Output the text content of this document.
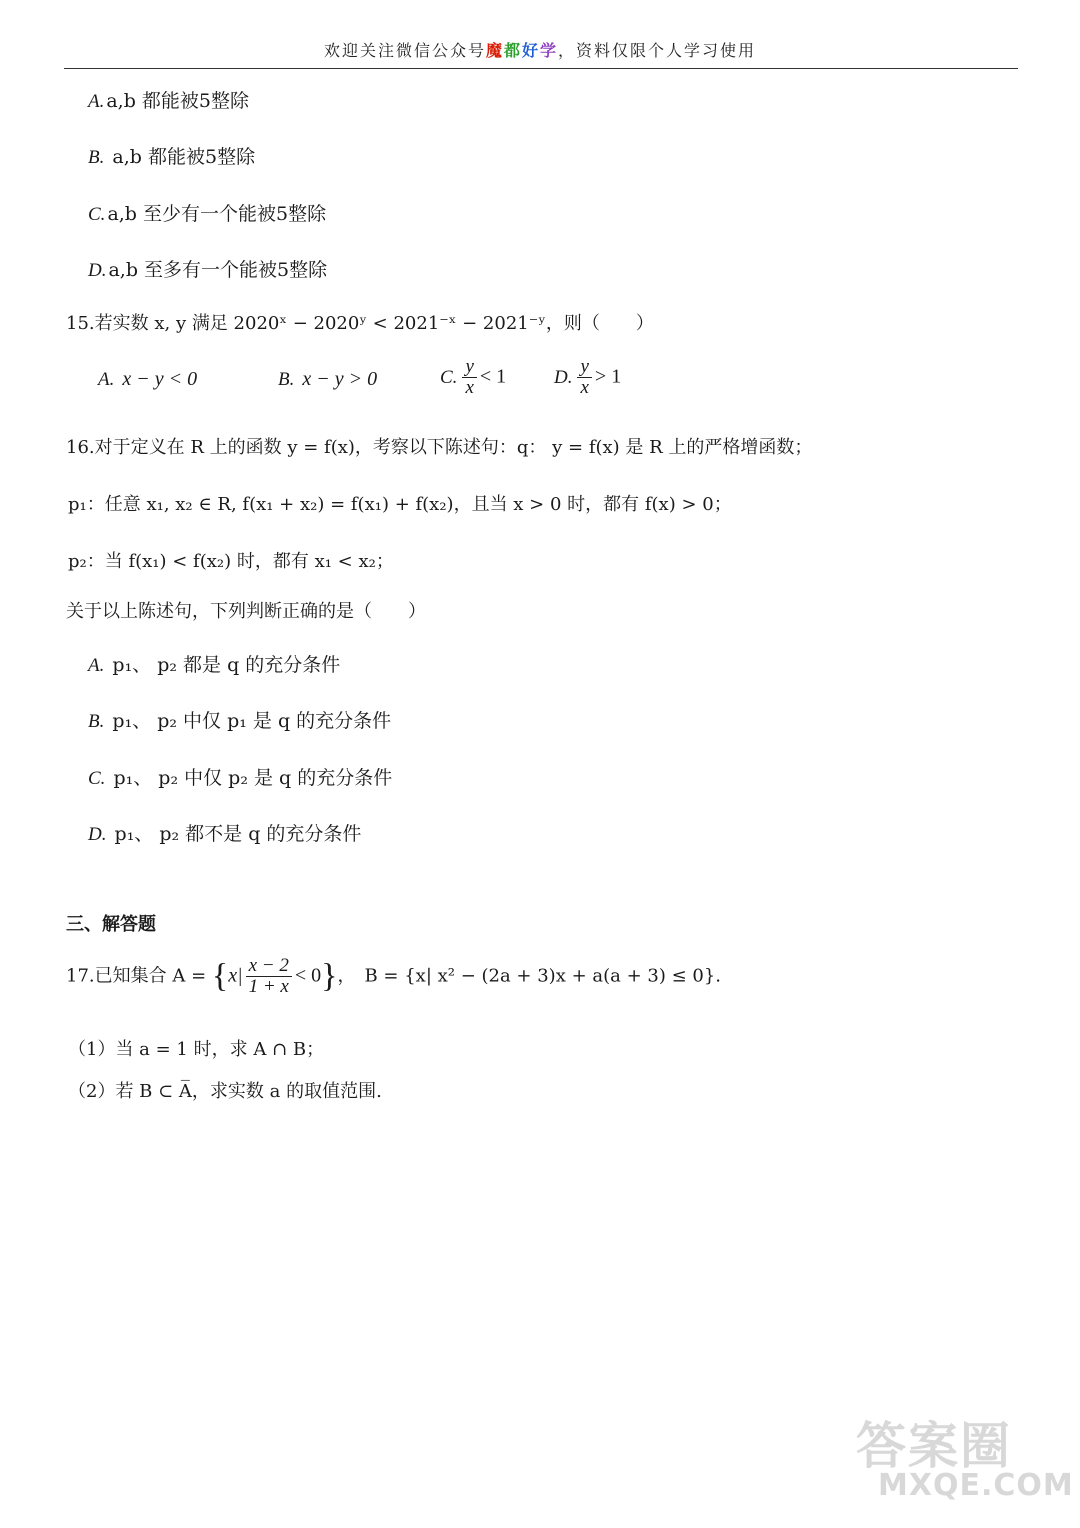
欢迎关注微信公众号魔都好学，资料仅限个人学习使用
A. a,b 都能被5整除
B. a,b 都能被5整除
C. a,b 至少有一个能被5整除
D. a,b 至多有一个能被5整除
15.若实数 x, y 满足 2020ˣ − 2020ʸ < 2021⁻ˣ − 2021⁻ʸ，则（　　）
A. x − y < 0	B. x − y > 0	C. $\frac{y}{x} < 1$	D. $\frac{y}{x} > 1$
16.对于定义在 R 上的函数 y = f(x)，考察以下陈述句：q： y = f(x) 是 R 上的严格增函数；
p₁：任意 x₁, x₂ ∈ R, f(x₁ + x₂) = f(x₁) + f(x₂)，且当 x > 0 时，都有 f(x) > 0；
p₂：当 f(x₁) < f(x₂) 时，都有 x₁ < x₂；
关于以上陈述句，下列判断正确的是（　　）
A. p₁、 p₂ 都是 q 的充分条件
B. p₁、 p₂ 中仅 p₁ 是 q 的充分条件
C. p₁、 p₂ 中仅 p₂ 是 q 的充分条件
D. p₁、 p₂ 都不是 q 的充分条件
三、解答题
17.已知集合 $A = \{x| \frac{x - 2}{1 + x} < 0\}$，　B = {x| x² − (2a + 3)x + a(a + 3) ≤ 0}.
（1）当 a = 1 时，求 A ∩ B；
（2）若 B ⊂ A̅，求实数 a 的取值范围.
答案圈
MXQE.COM
